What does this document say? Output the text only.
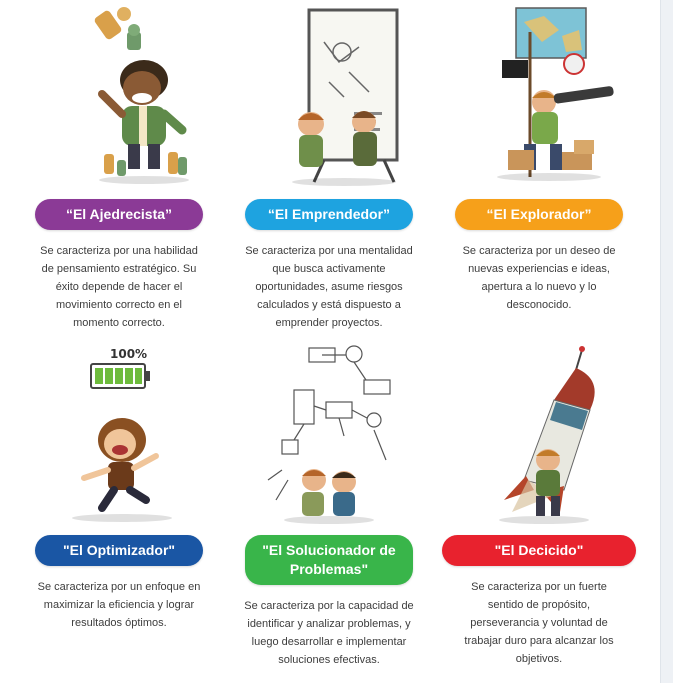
“El Ajedrecista”
Se caracteriza por una habilidad de pensamiento estratégico. Su éxito depende de hacer el movimiento correcto en el momento correcto.
“El Emprendedor”
Se caracteriza por una mentalidad que busca activamente oportunidades, asume riesgos calculados y está dispuesto a emprender proyectos.
“El Explorador”
Se caracteriza por un deseo de nuevas experiencias e ideas, apertura a lo nuevo y lo desconocido.
100%
"El Optimizador"
Se caracteriza por un enfoque en maximizar la eficiencia y lograr resultados óptimos.
"El Solucionador de Problemas"
Se caracteriza por la capacidad de identificar y analizar problemas, y luego desarrollar e implementar soluciones efectivas.
"El Decicido"
Se caracteriza por un fuerte sentido de propósito, perseverancia y voluntad de trabajar duro para alcanzar los objetivos.
